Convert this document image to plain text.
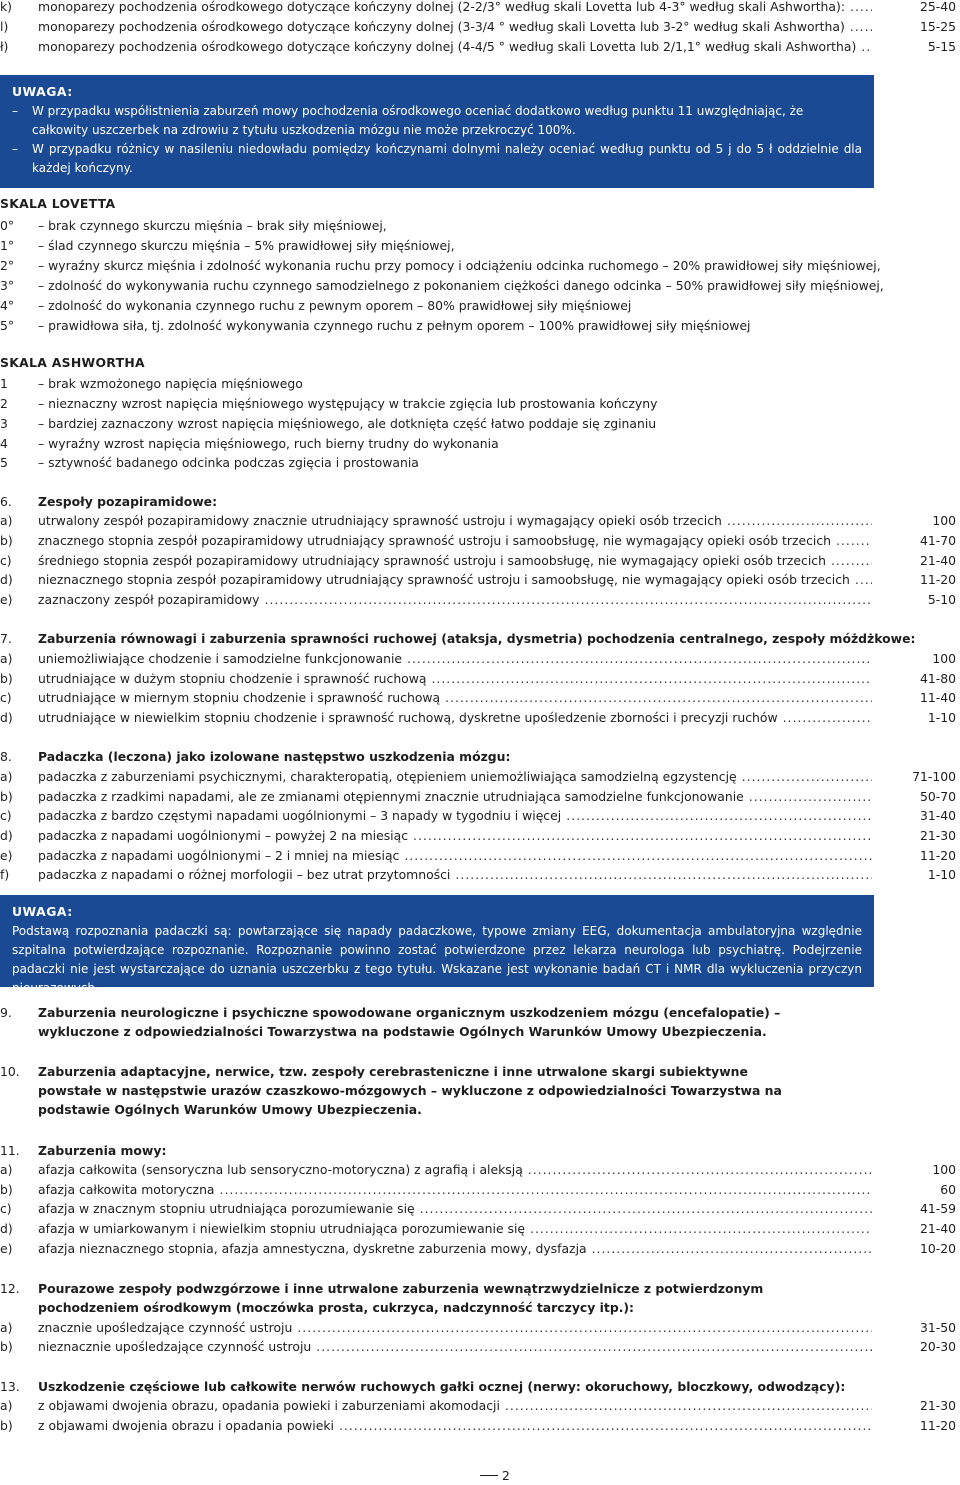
k) monoparezy pochodzenia ośrodkowego dotyczące kończyny dolnej (2-2/3° według skali Lovetta lub 4-3° według skali Ashwortha): .....	25-40
l) monoparezy pochodzenia ośrodkowego dotyczące kończyny dolnej (3-3/4 ° według skali Lovetta lub 3-2° według skali Ashwortha) .....	15-25
ł) monoparezy pochodzenia ośrodkowego dotyczące kończyny dolnej (4-4/5 ° według skali Lovetta lub 2/1,1° według skali Ashwortha) .....	5-15
UWAGA:
–	W przypadku współistnienia zaburzeń mowy pochodzenia ośrodkowego oceniać dodatkowo według punktu 11 uwzględniając, że całkowity uszczerbek na zdrowiu z tytułu uszkodzenia mózgu nie może przekroczyć 100%.
–	W przypadku różnicy w nasileniu niedowładu pomiędzy kończynami dolnymi należy oceniać według punktu od 5 j do 5 ł oddzielnie dla każdej kończyny.
SKALA LOVETTA
0° – brak czynnego skurczu mięśnia – brak siły mięśniowej,
1° – ślad czynnego skurczu mięśnia – 5% prawidłowej siły mięśniowej,
2° – wyraźny skurcz mięśnia i zdolność wykonania ruchu przy pomocy i odciążeniu odcinka ruchomego – 20% prawidłowej siły mięśniowej,
3° – zdolność do wykonywania ruchu czynnego samodzielnego z pokonaniem ciężkości danego odcinka – 50% prawidłowej siły mięśniowej,
4° – zdolność do wykonania czynnego ruchu z pewnym oporem – 80% prawidłowej siły mięśniowej
5° – prawidłowa siła, tj. zdolność wykonywania czynnego ruchu z pełnym oporem – 100% prawidłowej siły mięśniowej
SKALA ASHWORTHA
1 – brak wzmożonego napięcia mięśniowego
2 – nieznaczny wzrost napięcia mięśniowego występujący w trakcie zgięcia lub prostowania kończyny
3 – bardziej zaznaczony wzrost napięcia mięśniowego, ale dotknięta część łatwo poddaje się zginaniu
4 – wyraźny wzrost napięcia mięśniowego, ruch bierny trudny do wykonania
5 – sztywność badanego odcinka podczas zgięcia i prostowania
6. Zespoły pozapiramidowe:
a) utrwalony zespół pozapiramidowy znacznie utrudniający sprawność ustroju i wymagający opieki osób trzecich .....	100
b) znacznego stopnia zespół pozapiramidowy utrudniający sprawność ustroju i samoobsługę, nie wymagający opieki osób trzecich .....	41-70
c) średniego stopnia zespół pozapiramidowy utrudniający sprawność ustroju i samoobsługę, nie wymagający opieki osób trzecich .....	21-40
d) nieznacznego stopnia zespół pozapiramidowy utrudniający sprawność ustroju i samoobsługę, nie wymagający opieki osób trzecich .....	11-20
e) zaznaczony zespół pozapiramidowy .....	5-10
7. Zaburzenia równowagi i zaburzenia sprawności ruchowej (ataksja, dysmetria) pochodzenia centralnego, zespoły móżdżkowe:
a) uniemożliwiające chodzenie i samodzielne funkcjonowanie .....	100
b) utrudniające w dużym stopniu chodzenie i sprawność ruchową .....	41-80
c) utrudniające w miernym stopniu chodzenie i sprawność ruchową .....	11-40
d) utrudniające w niewielkim stopniu chodzenie i sprawność ruchową, dyskretne upośledzenie zborności i precyzji ruchów .....	1-10
8. Padaczka (leczona) jako izolowane następstwo uszkodzenia mózgu:
a) padaczka z zaburzeniami psychicznymi, charakteropatią, otępieniem uniemożliwiająca samodzielną egzystencję .....	71-100
b) padaczka z rzadkimi napadami, ale ze zmianami otępiennymi znacznie utrudniająca samodzielne funkcjonowanie .....	50-70
c) padaczka z bardzo częstymi napadami uogólnionymi – 3 napady w tygodniu i więcej .....	31-40
d) padaczka z napadami uogólnionymi – powyżej 2 na miesiąc .....	21-30
e) padaczka z napadami uogólnionymi – 2 i mniej na miesiąc .....	11-20
f) padaczka z napadami o różnej morfologii – bez utrat przytomności .....	1-10
UWAGA:
Podstawą rozpoznania padaczki są: powtarzające się napady padaczkowe, typowe zmiany EEG, dokumentacja ambulatoryjna względnie szpitalna potwierdzające rozpoznanie. Rozpoznanie powinno zostać potwierdzone przez lekarza neurologa lub psychiatrę. Podejrzenie padaczki nie jest wystarczające do uznania uszczerbku z tego tytułu. Wskazane jest wykonanie badań CT i NMR dla wykluczenia przyczyn nieurazowych.
9. Zaburzenia neurologiczne i psychiczne spowodowane organicznym uszkodzeniem mózgu (encefalopatie) – wykluczone z odpowiedzialności Towarzystwa na podstawie Ogólnych Warunków Umowy Ubezpieczenia.
10. Zaburzenia adaptacyjne, nerwice, tzw. zespoły cerebrasteniczne i inne utrwalone skargi subiektywne powstałe w następstwie urazów czaszkowo-mózgowych – wykluczone z odpowiedzialności Towarzystwa na podstawie Ogólnych Warunków Umowy Ubezpieczenia.
11. Zaburzenia mowy:
a) afazja całkowita (sensoryczna lub sensoryczno-motoryczna) z agrafią i aleksją .....	100
b) afazja całkowita motoryczna .....	60
c) afazja w znacznym stopniu utrudniająca porozumiewanie się .....	41-59
d) afazja w umiarkowanym i niewielkim stopniu utrudniająca porozumiewanie się .....	21-40
e) afazja nieznacznego stopnia, afazja amnestyczna, dyskretne zaburzenia mowy, dysfazja .....	10-20
12. Pourazowe zespoły podwzgórzowe i inne utrwalone zaburzenia wewnątrzwydzielnicze z potwierdzonym pochodzeniem ośrodkowym (moczówka prosta, cukrzyca, nadczynność tarczycy itp.):
a) znacznie upośledzające czynność ustroju .....	31-50
b) nieznacznie upośledzające czynność ustroju .....	20-30
13. Uszkodzenie częściowe lub całkowite nerwów ruchowych gałki ocznej (nerwy: okoruchowy, bloczkowy, odwodzący):
a) z objawami dwojenia obrazu, opadania powieki i zaburzeniami akomodacji .....	21-30
b) z objawami dwojenia obrazu i opadania powieki .....	11-20
2
